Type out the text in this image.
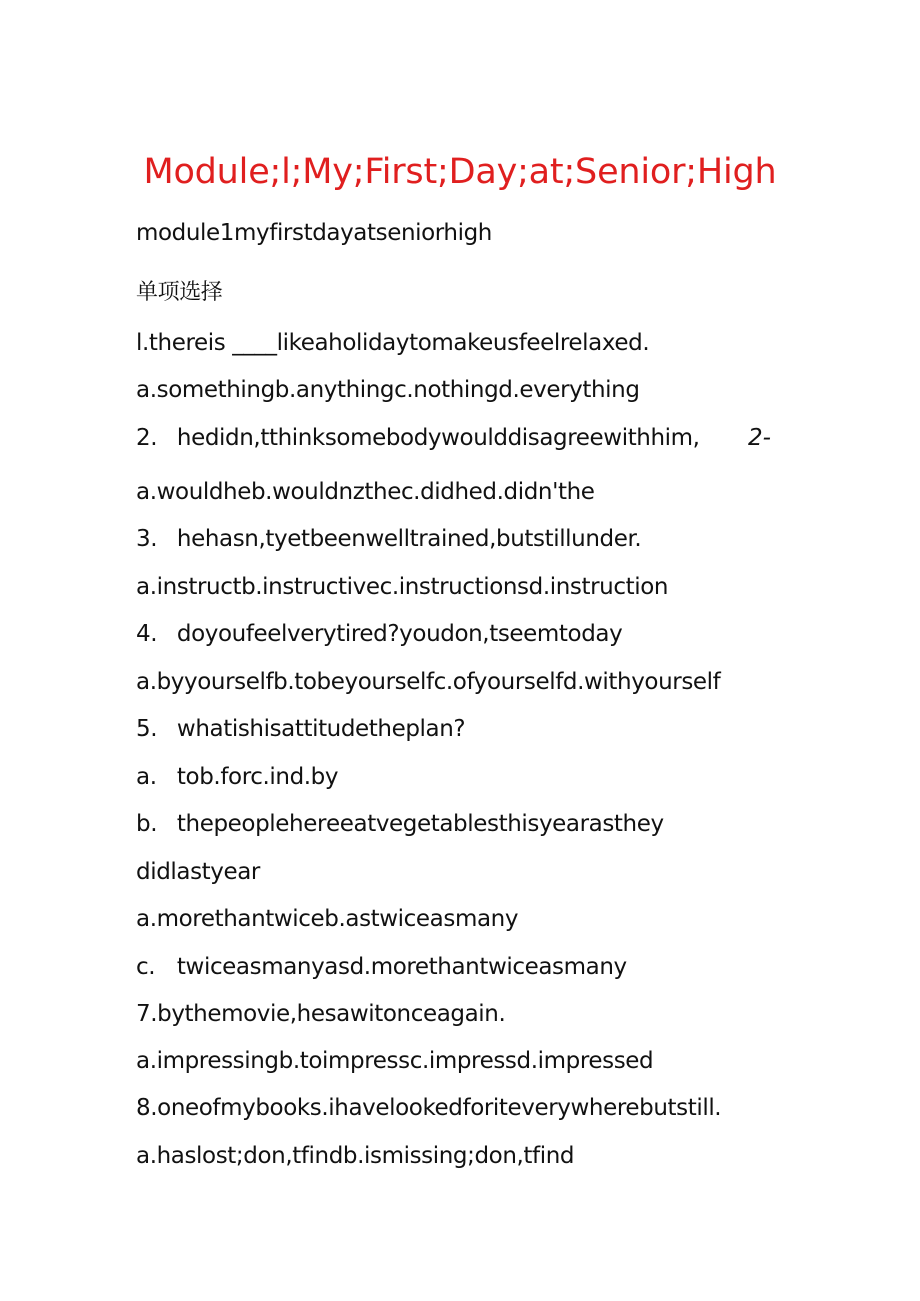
Module;l;My;First;Day;at;Senior;High
module1myfirstdayatseniorhigh
单项选择
l.thereis ____likeaholidaytomakeusfeelrelaxed.
a.somethingb.anythingc.nothingd.everything
2. hedidn,tthinksomebodywoulddisagreewithhim, 2-
a.wouldheb.wouldnzthec.didhed.didn'the
3. hehasn,tyetbeenwelltrained,butstillunder.
a.instructb.instructivec.instructionsd.instruction
4. doyoufeelverytired?youdon,tseemtoday
a.byyourselfb.tobeyourselfc.ofyourselfd.withyourself
5. whatishisattitudetheplan?
a. tob.forc.ind.by
b. thepeopleherееatvegetablesthisyearasthey
didlastyear
a.morethantwiceb.astwiceasmany
c. twiceasmanyasd.morethantwiceasmany
7.bythemovie,hesawitonceagain.
a.impressingb.toimpressc.impressd.impressed
8.oneofmybooks.ihavelookedforiteverywherebutstill.
a.haslost;don,tfindb.ismissing;don,tfind
